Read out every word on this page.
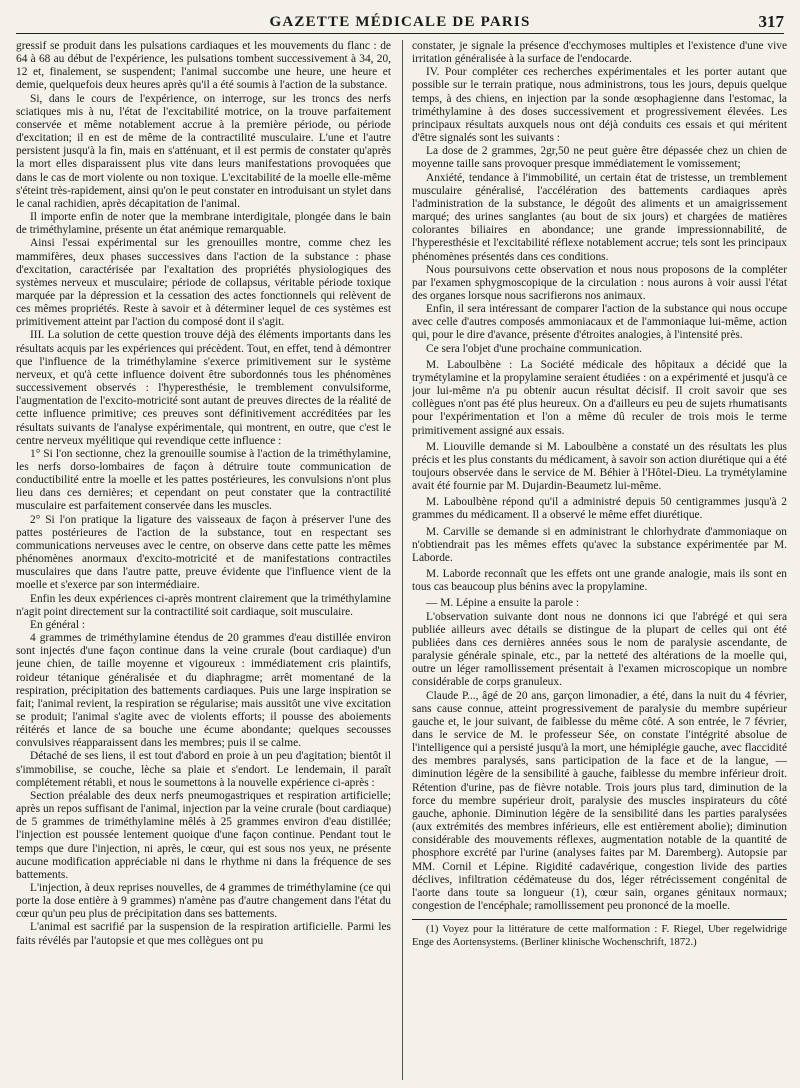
GAZETTE MÉDICALE DE PARIS	317

gressif se produit dans les pulsations cardiaques et les mouvements du flanc : de 64 à 68 au début de l'expérience, les pulsations tombent successivement à 34, 20, 12 et, finalement, se suspendent; l'animal succombe une heure, une heure et demie, quelquefois deux heures après qu'il a été soumis à l'action de la substance.

Si, dans le cours de l'expérience, on interroge, sur les troncs des nerfs sciatiques mis à nu, l'état de l'excitabilité motrice, on la trouve parfaitement conservée et même notablement accrue à la première période, ou période d'excitation; il en est de même de la contractilité musculaire. L'une et l'autre persistent jusqu'à la fin, mais en s'atténuant, et il est permis de constater qu'après la mort elles disparaissent plus vite dans leurs manifestations provoquées que dans le cas de mort violente ou non toxique. L'excitabilité de la moelle elle-même s'éteint très-rapidement, ainsi qu'on le peut constater en introduisant un stylet dans le canal rachidien, après décapitation de l'animal.

Il importe enfin de noter que la membrane interdigitale, plongée dans le bain de triméthylamine, présente un état anémique remarquable.

Ainsi l'essai expérimental sur les grenouilles montre, comme chez les mammifères, deux phases successives dans l'action de la substance : phase d'excitation, caractérisée par l'exaltation des propriétés physiologiques des systèmes nerveux et musculaire; période de collapsus, véritable période toxique marquée par la dépression et la cessation des actes fonctionnels qui relèvent de ces mêmes propriétés. Reste à savoir et à déterminer lequel de ces systèmes est primitivement atteint par l'action du composé dont il s'agit.

III. La solution de cette question trouve déjà des éléments importants dans les résultats acquis par les expériences qui précèdent. Tout, en effet, tend à démontrer que l'influence de la triméthylamine s'exerce primitivement sur le système nerveux, et qu'à cette influence doivent être subordonnés tous les phénomènes successivement observés : l'hyperesthésie, le tremblement convulsiforme, l'augmentation de l'excito-motricité sont autant de preuves directes de la réalité de cette influence primitive; ces preuves sont définitivement accréditées par les résultats suivants de l'analyse expérimentale, qui montrent, en outre, que c'est le centre nerveux myélitique qui revendique cette influence :

1° Si l'on sectionne, chez la grenouille soumise à l'action de la triméthylamine, les nerfs dorso-lombaires de façon à détruire toute communication de conductibilité entre la moelle et les pattes postérieures, les convulsions n'ont plus lieu dans ces dernières; et cependant on peut constater que la contractilité musculaire est parfaitement conservée dans les muscles.

2° Si l'on pratique la ligature des vaisseaux de façon à préserver l'une des pattes postérieures de l'action de la substance, tout en respectant ses communications nerveuses avec le centre, on observe dans cette patte les mêmes phénomènes anormaux d'excito-motricité et de manifestations contractiles musculaires que dans l'autre patte, preuve évidente que l'influence vient de la moelle et s'exerce par son intermédiaire.

Enfin les deux expériences ci-après montrent clairement que la triméthylamine n'agit point directement sur la contractilité soit cardiaque, soit musculaire.

En général :

4 grammes de triméthylamine étendus de 20 grammes d'eau distillée environ sont injectés d'une façon continue dans la veine crurale (bout cardiaque) d'un jeune chien, de taille moyenne et vigoureux : immédiatement cris plaintifs, roideur tétanique généralisée et du diaphragme; arrêt momentané de la respiration, précipitation des battements cardiaques. Puis une large inspiration se fait; l'animal revient, la respiration se régularise; mais aussitôt une vive excitation se produit; l'animal s'agite avec de violents efforts; il pousse des aboiements réitérés et lance de sa bouche une écume abondante; quelques secousses convulsives réapparaissent dans les membres; puis il se calme.

Détaché de ses liens, il est tout d'abord en proie à un peu d'agitation; bientôt il s'immobilise, se couche, lèche sa plaie et s'endort. Le lendemain, il paraît complétement rétabli, et nous le soumettons à la nouvelle expérience ci-après :

Section préalable des deux nerfs pneumogastriques et respiration artificielle; après un repos suffisant de l'animal, injection par la veine crurale (bout cardiaque) de 5 grammes de triméthylamine mêlés à 25 grammes environ d'eau distillée; l'injection est poussée lentement quoique d'une façon continue. Pendant tout le temps que dure l'injection, ni après, le cœur, qui est sous nos yeux, ne présente aucune modification appréciable ni dans le rhythme ni dans la fréquence de ses battements.

L'injection, à deux reprises nouvelles, de 4 grammes de triméthylamine (ce qui porte la dose entière à 9 grammes) n'amène pas d'autre changement dans l'état du cœur qu'un peu plus de précipitation dans ses battements.

L'animal est sacrifié par la suspension de la respiration artificielle. Parmi les faits révélés par l'autopsie et que mes collègues ont pu

constater, je signale la présence d'ecchymoses multiples et l'existence d'une vive irritation généralisée à la surface de l'endocarde.

IV. Pour compléter ces recherches expérimentales et les porter autant que possible sur le terrain pratique, nous administrons, tous les jours, depuis quelque temps, à des chiens, en injection par la sonde œsophagienne dans l'estomac, la triméthylamine à des doses successivement et progressivement élevées. Les principaux résultats auxquels nous ont déjà conduits ces essais et qui méritent d'être signalés sont les suivants :

La dose de 2 grammes, 2gr,50 ne peut guère être dépassée chez un chien de moyenne taille sans provoquer presque immédiatement le vomissement;

Anxiété, tendance à l'immobilité, un certain état de tristesse, un tremblement musculaire généralisé, l'accélération des battements cardiaques après l'administration de la substance, le dégoût des aliments et un amaigrissement marqué; des urines sanglantes (au bout de six jours) et chargées de matières colorantes biliaires en abondance; une grande impressionnabilité, de l'hyperesthésie et l'excitabilité réflexe notablement accrue; tels sont les principaux phénomènes présentés dans ces conditions.

Nous poursuivons cette observation et nous nous proposons de la compléter par l'examen sphygmoscopique de la circulation : nous aurons à voir aussi l'état des organes lorsque nous sacrifierons nos animaux.

Enfin, il sera intéressant de comparer l'action de la substance qui nous occupe avec celle d'autres composés ammoniacaux et de l'ammoniaque lui-même, action qui, pour le dire d'avance, présente d'étroites analogies, à l'intensité près.

Ce sera l'objet d'une prochaine communication.

M. Laboulbène : La Société médicale des hôpitaux a décidé que la trymétylamine et la propylamine seraient étudiées : on a expérimenté et jusqu'à ce jour lui-même n'a pu obtenir aucun résultat décisif. Il croit savoir que ses collègues n'ont pas été plus heureux. On a d'ailleurs eu peu de sujets rhumatisants pour l'expérimentation et l'on a même dû reculer de trois mois le terme primitivement assigné aux essais.

M. Liouville demande si M. Laboulbène a constaté un des résultats les plus précis et les plus constants du médicament, à savoir son action diurétique qui a été toujours observée dans le service de M. Béhier à l'Hôtel-Dieu. La trymétylamine avait été fournie par M. Dujardin-Beaumetz lui-même.

M. Laboulbène répond qu'il a administré depuis 50 centigrammes jusqu'à 2 grammes du médicament. Il a observé le même effet diurétique.

M. Carville se demande si en administrant le chlorhydrate d'ammoniaque on n'obtiendrait pas les mêmes effets qu'avec la substance expérimentée par M. Laborde.

M. Laborde reconnaît que les effets ont une grande analogie, mais ils sont en tous cas beaucoup plus bénins avec la propylamine.

— M. Lépine a ensuite la parole :

L'observation suivante dont nous ne donnons ici que l'abrégé et qui sera publiée ailleurs avec détails se distingue de la plupart de celles qui ont été publiées dans ces dernières années sous le nom de paralysie ascendante, de paralysie générale spinale, etc., par la netteté des altérations de la moelle qui, outre un léger ramollissement présentait à l'examen microscopique un nombre considérable de corps granuleux.

Claude P..., âgé de 20 ans, garçon limonadier, a été, dans la nuit du 4 février, sans cause connue, atteint progressivement de paralysie du membre supérieur gauche et, le jour suivant, de faiblesse du même côté. A son entrée, le 7 février, dans le service de M. le professeur Sée, on constate l'intégrité absolue de l'intelligence qui a persisté jusqu'à la mort, une hémiplégie gauche, avec flaccidité des membres paralysés, sans participation de la face et de la langue, — diminution légère de la sensibilité à gauche, faiblesse du membre inférieur droit. Rétention d'urine, pas de fièvre notable. Trois jours plus tard, diminution de la force du membre supérieur droit, paralysie des muscles inspirateurs du côté gauche, aphonie. Diminution légère de la sensibilité dans les parties paralysées (aux extrémités des membres inférieurs, elle est entièrement abolie); diminution considérable des mouvements réflexes, augmentation notable de la quantité de phosphore excrété par l'urine (analyses faites par M. Daremberg). Autopsie par MM. Cornil et Lépine. Rigidité cadavérique, congestion livide des parties déclives, infiltration cédémateuse du dos, léger rétrécissement congénital de l'aorte dans toute sa longueur (1), cœur sain, organes génitaux normaux; congestion de l'encéphale; ramollissement peu prononcé de la moelle.

(1) Voyez pour la littérature de cette malformation : F. Riegel, Uber regelwidrige Enge des Aortensystems. (Berliner klinische Wochenschrift, 1872.)
